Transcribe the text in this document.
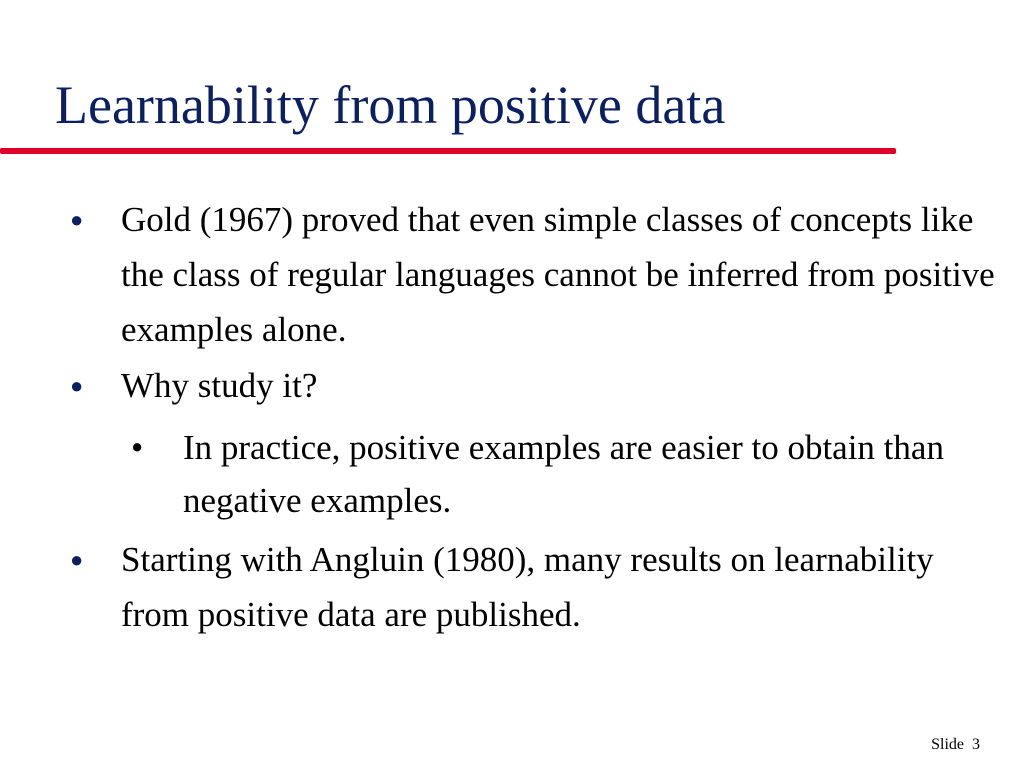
Learnability from positive data
● Gold (1967) proved that even simple classes of concepts like the class of regular languages cannot be inferred from positive examples alone.
● Why study it?
• In practice, positive examples are easier to obtain than negative examples.
● Starting with Angluin (1980), many results on learnability from positive data are published.
Slide 3
